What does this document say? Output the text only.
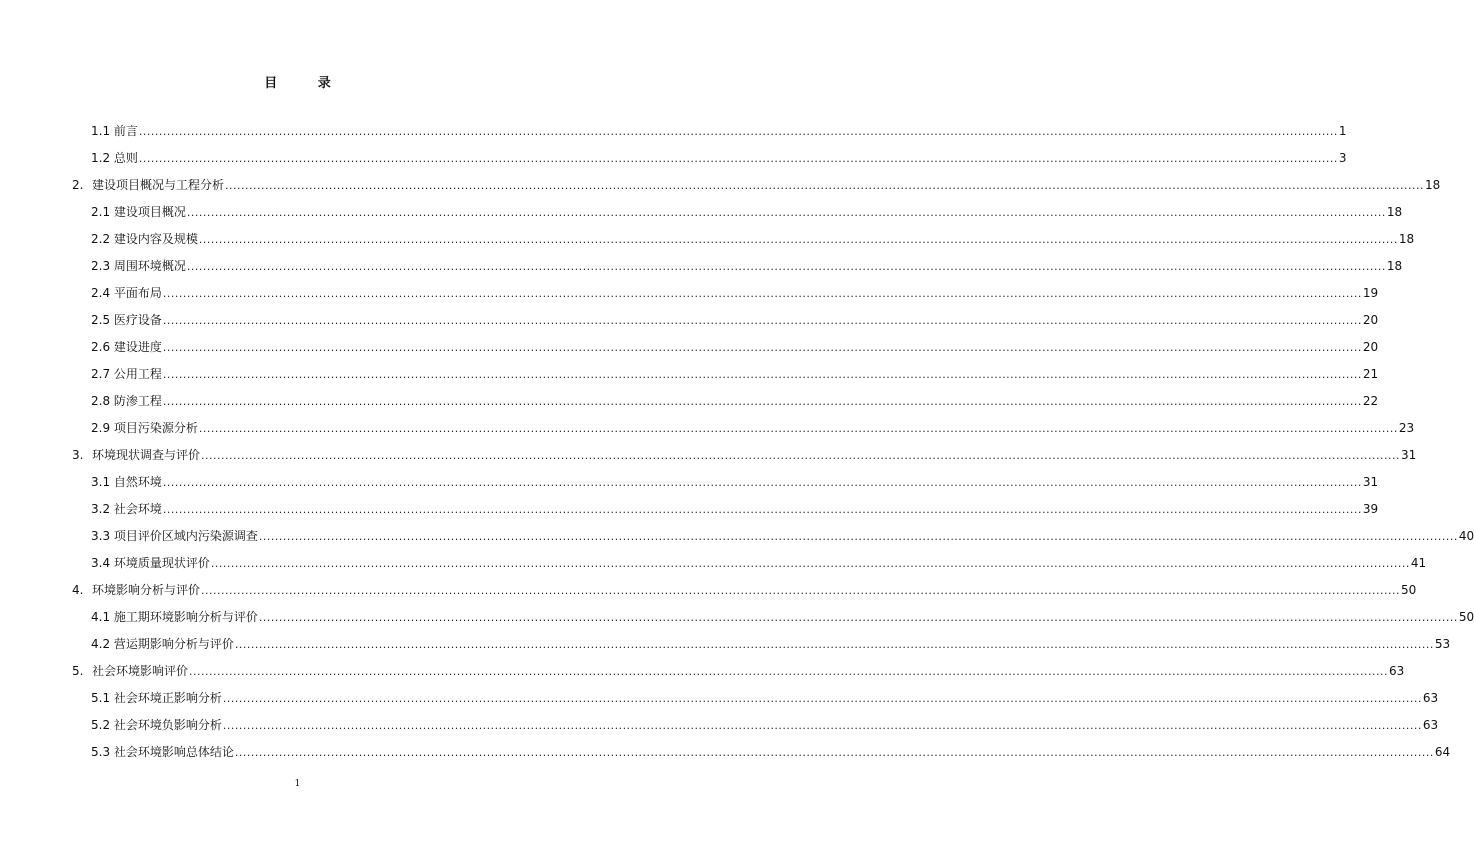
目 录
1.1 前言 ............................................................................................................................................................................................................................................................................................................ 1
1.2 总则 ............................................................................................................................................................................................................................................................................................................ 3
2. 建设项目概况与工程分析 ............................................................................................................................................................................................................................................................................................................ 18
2.1 建设项目概况 ............................................................................................................................................................................................................................................................................................................ 18
2.2 建设内容及规模 ............................................................................................................................................................................................................................................................................................................ 18
2.3 周围环境概况 ............................................................................................................................................................................................................................................................................................................ 18
2.4 平面布局 ............................................................................................................................................................................................................................................................................................................ 19
2.5 医疗设备 ............................................................................................................................................................................................................................................................................................................ 20
2.6 建设进度 ............................................................................................................................................................................................................................................................................................................ 20
2.7 公用工程 ............................................................................................................................................................................................................................................................................................................ 21
2.8 防渗工程 ............................................................................................................................................................................................................................................................................................................ 22
2.9 项目污染源分析 ............................................................................................................................................................................................................................................................................................................ 23
3. 环境现状调查与评价 ............................................................................................................................................................................................................................................................................................................ 31
3.1 自然环境 ............................................................................................................................................................................................................................................................................................................ 31
3.2 社会环境 ............................................................................................................................................................................................................................................................................................................ 39
3.3 项目评价区域内污染源调查 ............................................................................................................................................................................................................................................................................................................ 40
3.4 环境质量现状评价 ............................................................................................................................................................................................................................................................................................................ 41
4. 环境影响分析与评价 ............................................................................................................................................................................................................................................................................................................ 50
4.1 施工期环境影响分析与评价 ............................................................................................................................................................................................................................................................................................................ 50
4.2 营运期影响分析与评价 ............................................................................................................................................................................................................................................................................................................ 53
5. 社会环境影响评价 ............................................................................................................................................................................................................................................................................................................ 63
5.1 社会环境正影响分析 ............................................................................................................................................................................................................................................................................................................ 63
5.2 社会环境负影响分析 ............................................................................................................................................................................................................................................................................................................ 63
5.3 社会环境影响总体结论 ............................................................................................................................................................................................................................................................................................................ 64
1
